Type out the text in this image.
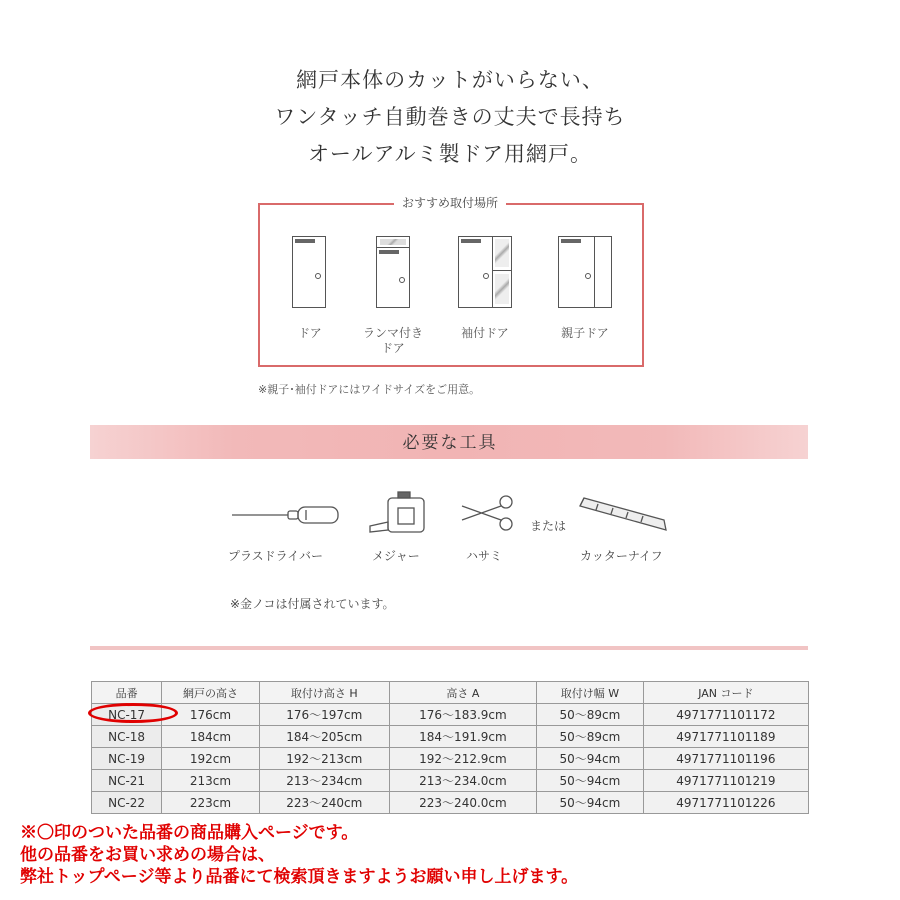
網戸本体のカットがいらない、
ワンタッチ自動巻きの丈夫で長持ち
オールアルミ製ドア用網戸。
おすすめ取付場所
ドア	ランマ付き
ドア
袖付ドア	親子ドア
※親子･袖付ドアにはワイドサイズをご用意。
必要な工具
または
プラスドライバー	メジャー	ハサミ	カッターナイフ
※金ノコは付属されています。
品番	網戸の高さ	取付け高さ H	高さ A	取付け幅 W	JAN コード
NC-17	176cm	176～197cm	176～183.9cm	50～89cm	4971771101172
NC-18	184cm	184～205cm	184～191.9cm	50～89cm	4971771101189
NC-19	192cm	192～213cm	192～212.9cm	50～94cm	4971771101196
NC-21	213cm	213～234cm	213～234.0cm	50～94cm	4971771101219
NC-22	223cm	223～240cm	223～240.0cm	50～94cm	4971771101226
※〇印のついた品番の商品購入ページです。
他の品番をお買い求めの場合は、
弊社トップページ等より品番にて検索頂きますようお願い申し上げます。
